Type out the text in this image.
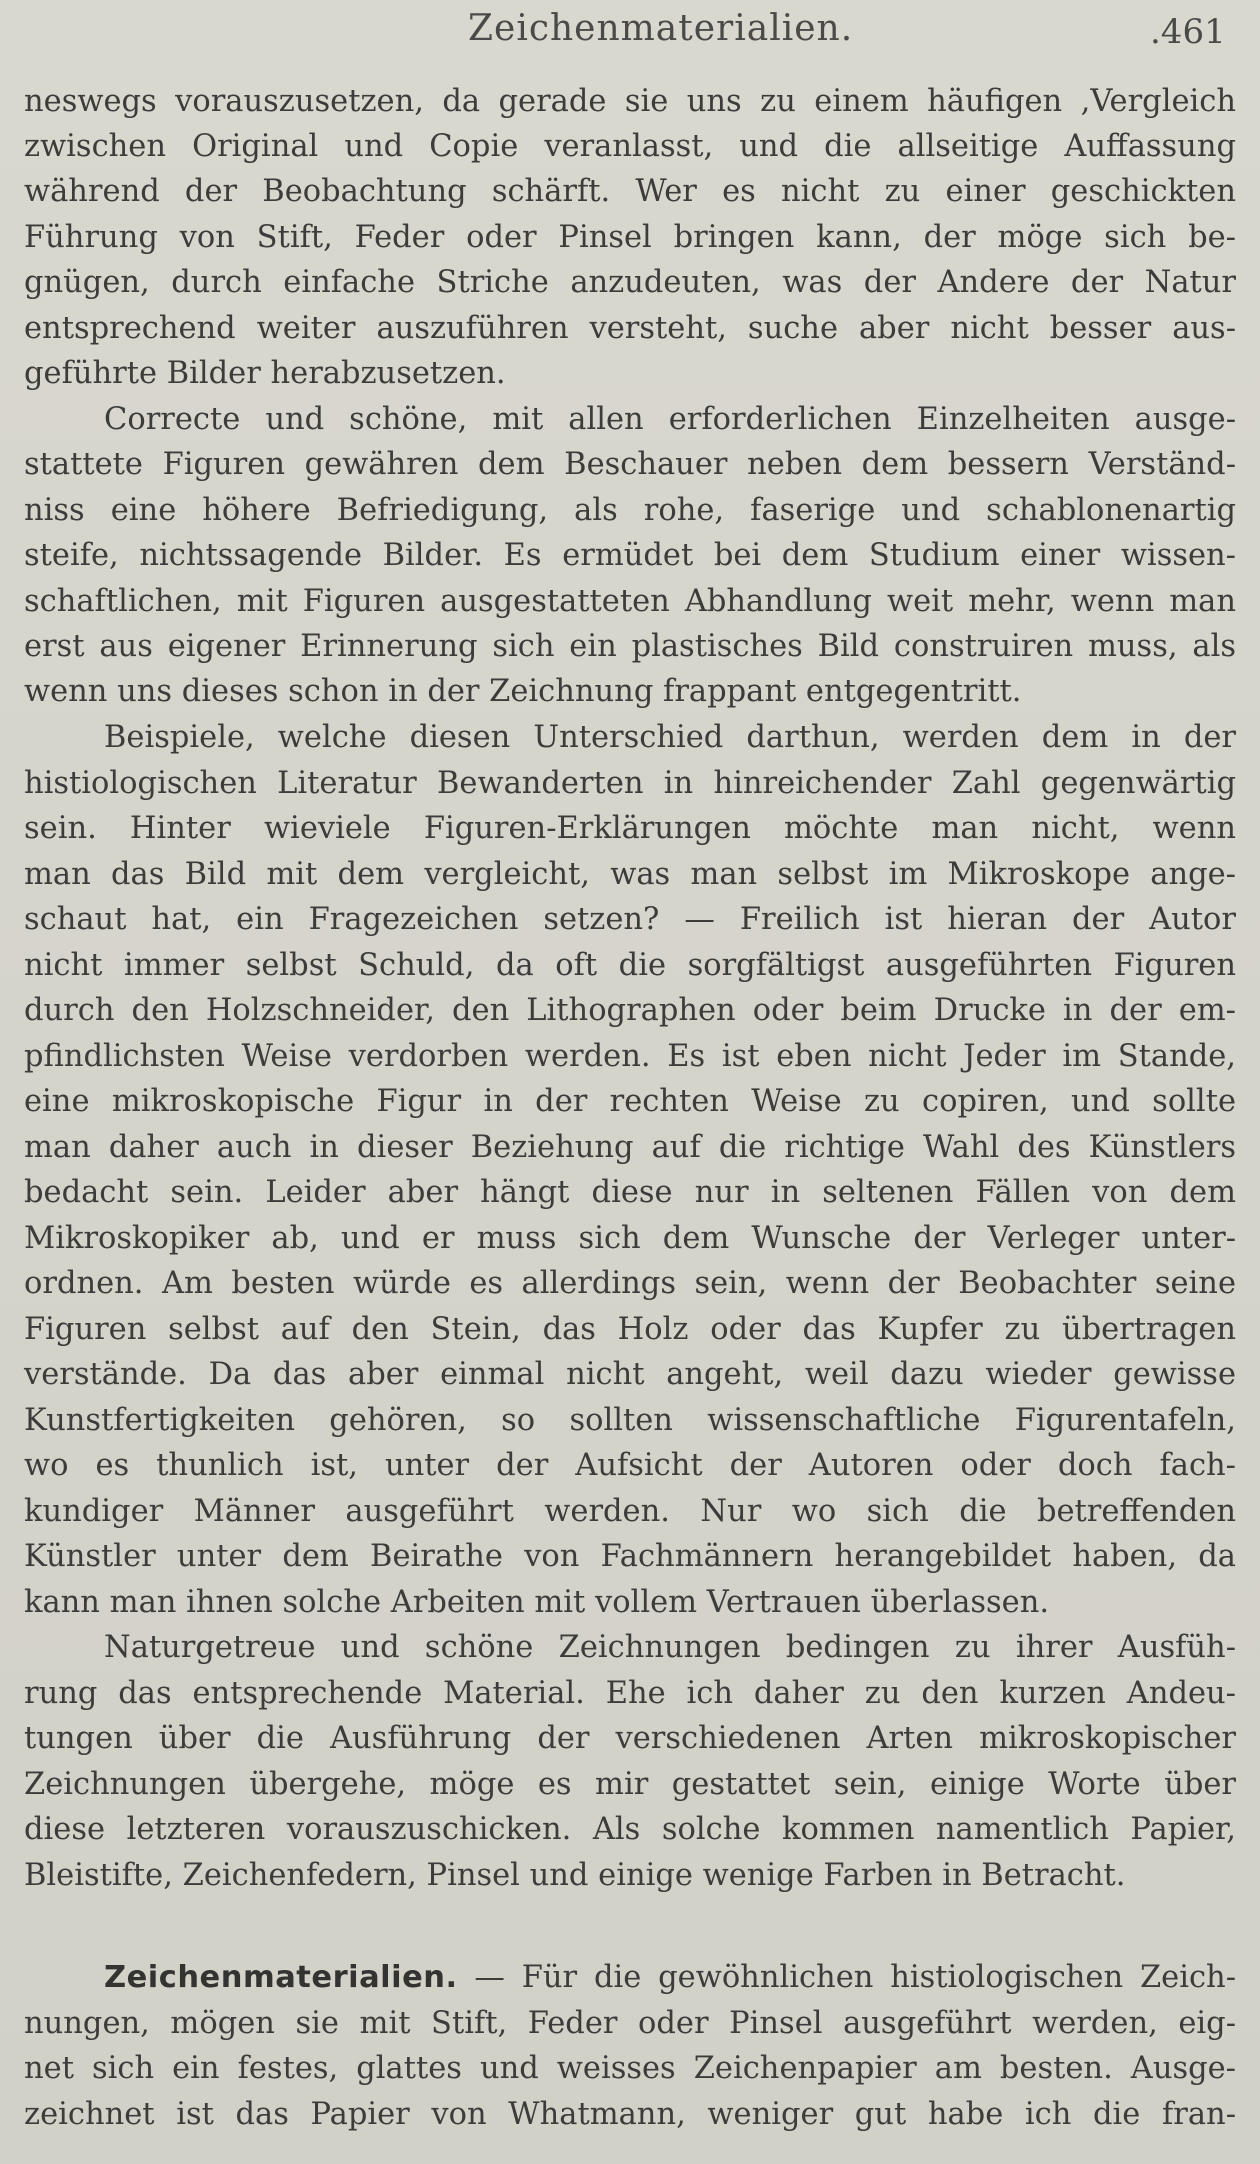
Zeichenmaterialien.	.461
neswegs vorauszusetzen, da gerade sie uns zu einem häufigen ,Vergleich
zwischen Original und Copie veranlasst, und die allseitige Auffassung
während der Beobachtung schärft. Wer es nicht zu einer geschickten
Führung von Stift, Feder oder Pinsel bringen kann, der möge sich be-
gnügen, durch einfache Striche anzudeuten, was der Andere der Natur
entsprechend weiter auszuführen versteht, suche aber nicht besser aus-
geführte Bilder herabzusetzen.
Correcte und schöne, mit allen erforderlichen Einzelheiten ausge-
stattete Figuren gewähren dem Beschauer neben dem bessern Verständ-
niss eine höhere Befriedigung, als rohe, faserige und schablonenartig
steife, nichtssagende Bilder. Es ermüdet bei dem Studium einer wissen-
schaftlichen, mit Figuren ausgestatteten Abhandlung weit mehr, wenn man
erst aus eigener Erinnerung sich ein plastisches Bild construiren muss, als
wenn uns dieses schon in der Zeichnung frappant entgegentritt.
Beispiele, welche diesen Unterschied darthun, werden dem in der
histiologischen Literatur Bewanderten in hinreichender Zahl gegenwärtig
sein. Hinter wieviele Figuren-Erklärungen möchte man nicht, wenn
man das Bild mit dem vergleicht, was man selbst im Mikroskope ange-
schaut hat, ein Fragezeichen setzen? — Freilich ist hieran der Autor
nicht immer selbst Schuld, da oft die sorgfältigst ausgeführten Figuren
durch den Holzschneider, den Lithographen oder beim Drucke in der em-
pfindlichsten Weise verdorben werden. Es ist eben nicht Jeder im Stande,
eine mikroskopische Figur in der rechten Weise zu copiren, und sollte
man daher auch in dieser Beziehung auf die richtige Wahl des Künstlers
bedacht sein. Leider aber hängt diese nur in seltenen Fällen von dem
Mikroskopiker ab, und er muss sich dem Wunsche der Verleger unter-
ordnen. Am besten würde es allerdings sein, wenn der Beobachter seine
Figuren selbst auf den Stein, das Holz oder das Kupfer zu übertragen
verstände. Da das aber einmal nicht angeht, weil dazu wieder gewisse
Kunstfertigkeiten gehören, so sollten wissenschaftliche Figurentafeln,
wo es thunlich ist, unter der Aufsicht der Autoren oder doch fach-
kundiger Männer ausgeführt werden. Nur wo sich die betreffenden
Künstler unter dem Beirathe von Fachmännern herangebildet haben, da
kann man ihnen solche Arbeiten mit vollem Vertrauen überlassen.
Naturgetreue und schöne Zeichnungen bedingen zu ihrer Ausfüh-
rung das entsprechende Material. Ehe ich daher zu den kurzen Andeu-
tungen über die Ausführung der verschiedenen Arten mikroskopischer
Zeichnungen übergehe, möge es mir gestattet sein, einige Worte über
diese letzteren vorauszuschicken. Als solche kommen namentlich Papier,
Bleistifte, Zeichenfedern, Pinsel und einige wenige Farben in Betracht.
Zeichenmaterialien. — Für die gewöhnlichen histiologischen Zeich-
nungen, mögen sie mit Stift, Feder oder Pinsel ausgeführt werden, eig-
net sich ein festes, glattes und weisses Zeichenpapier am besten. Ausge-
zeichnet ist das Papier von Whatmann, weniger gut habe ich die fran-
